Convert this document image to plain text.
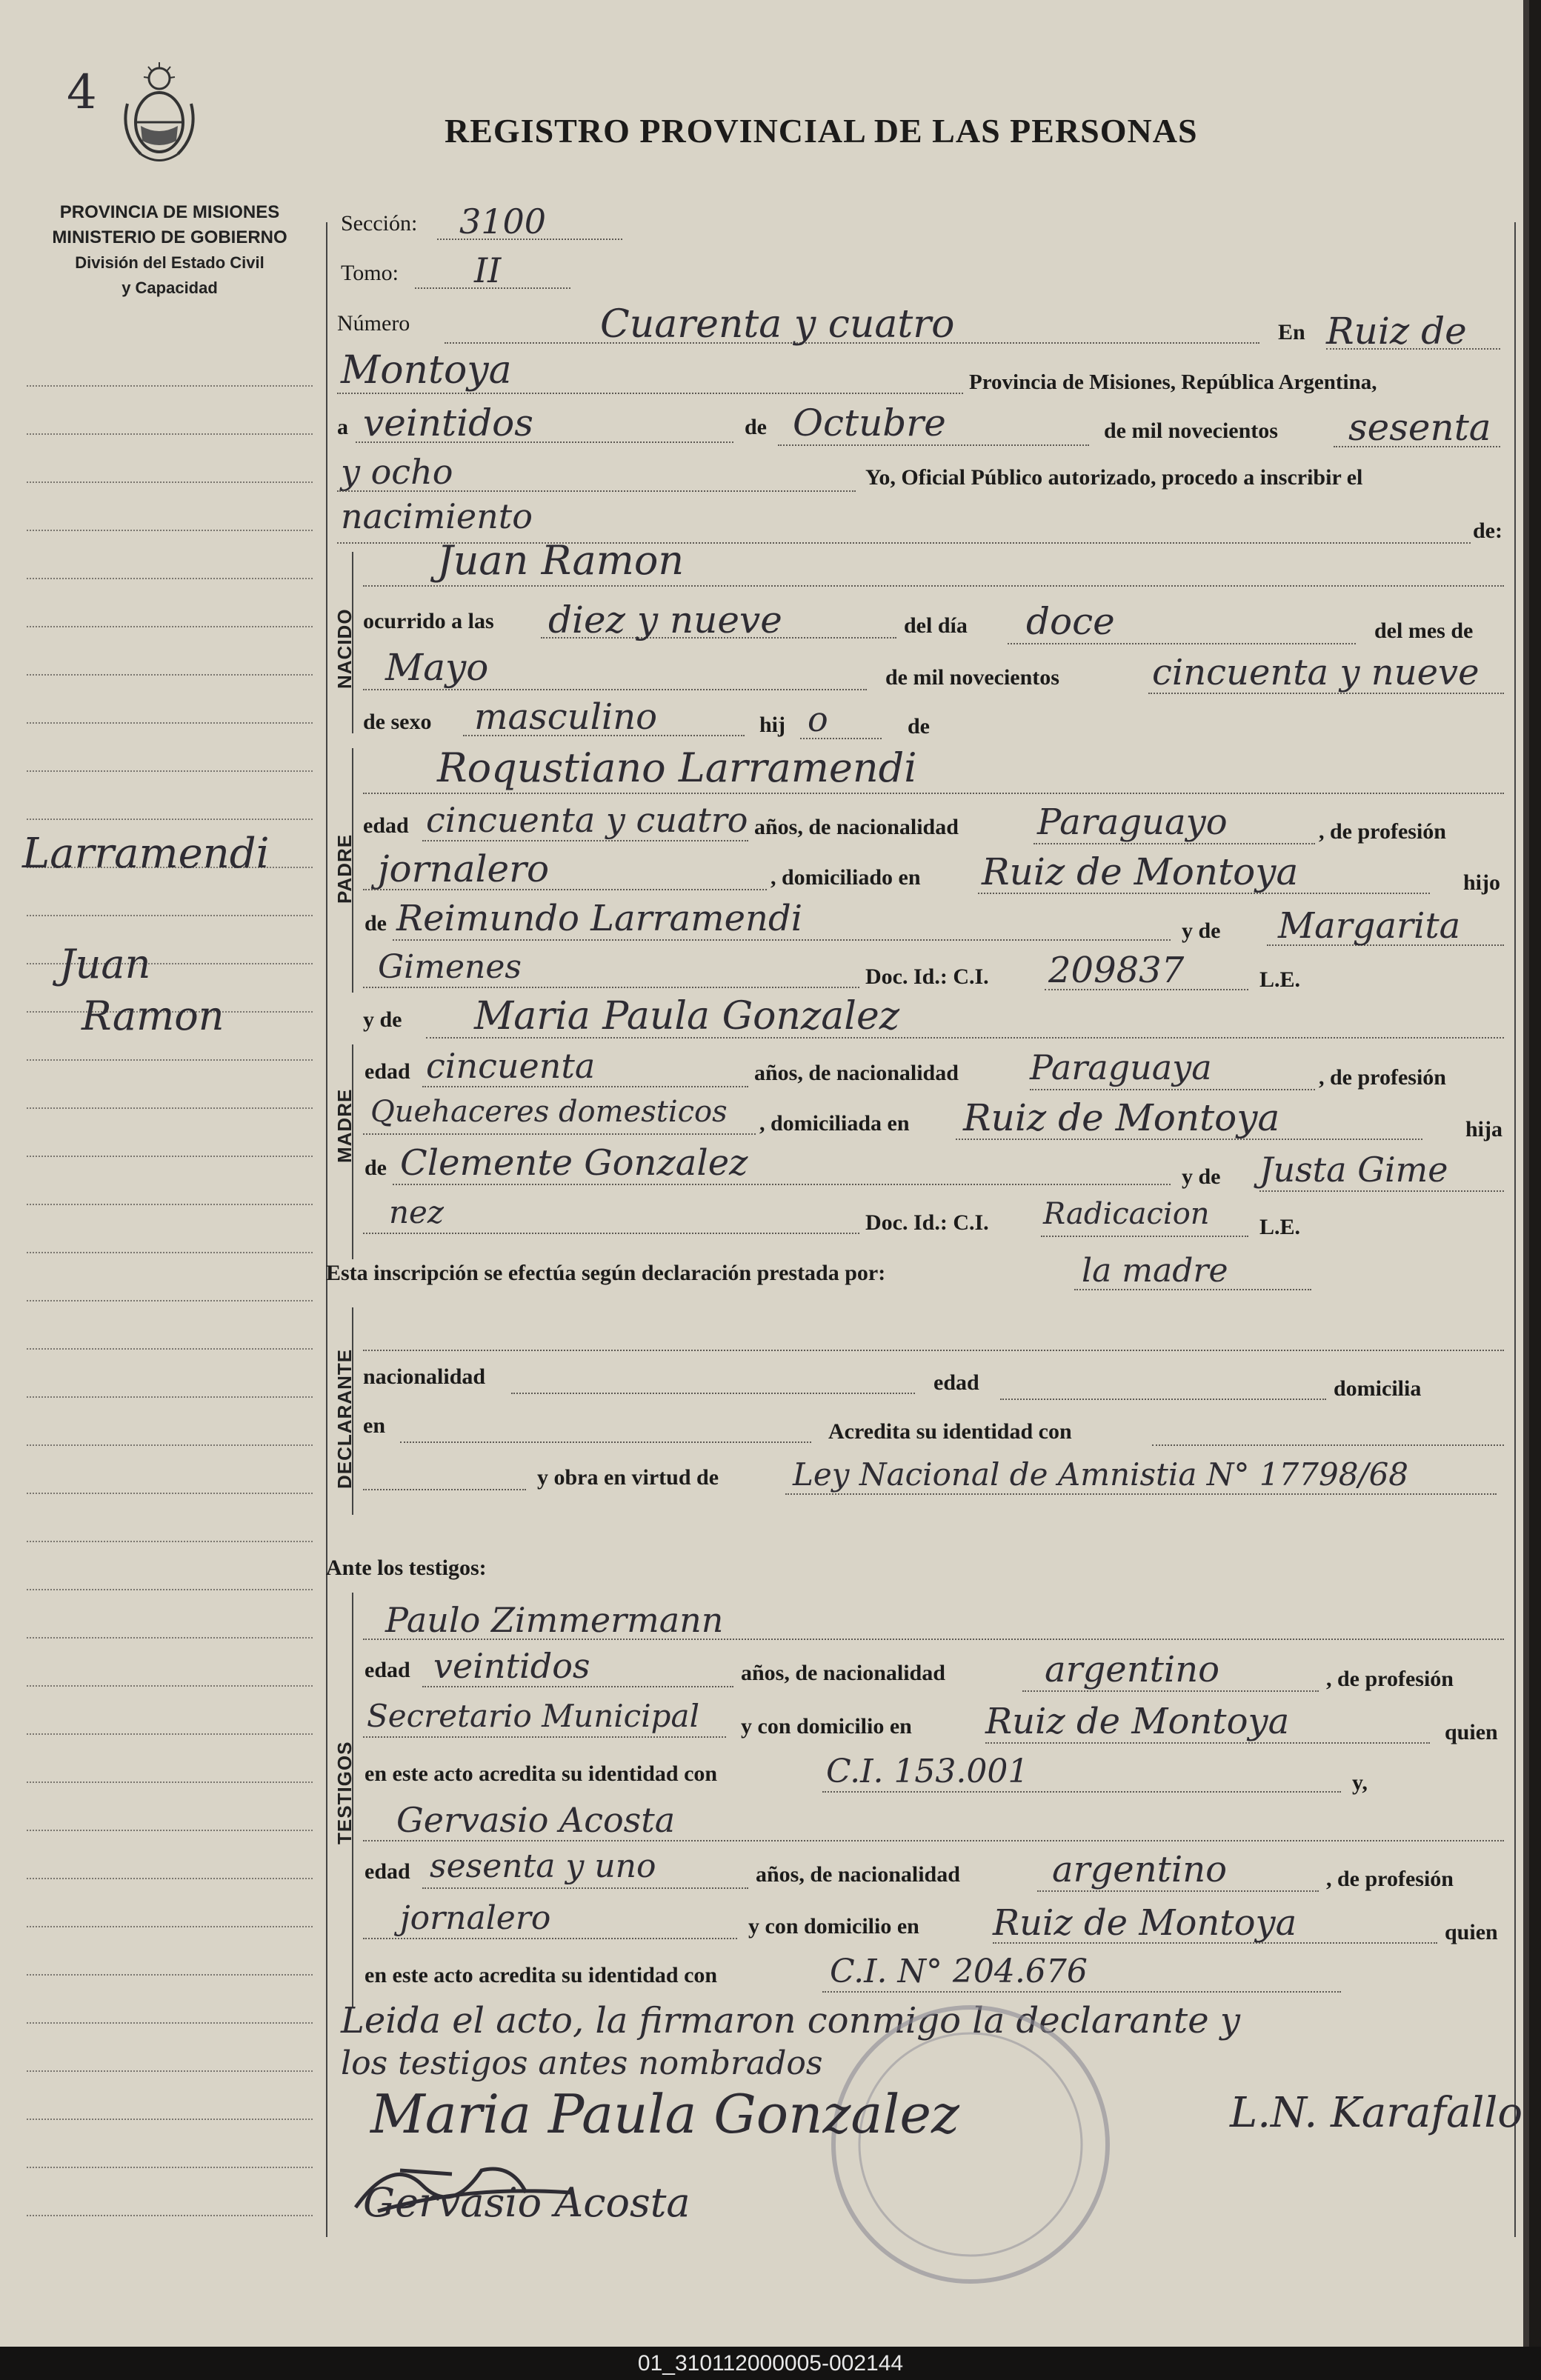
4
REGISTRO PROVINCIAL DE LAS PERSONAS
PROVINCIA DE MISIONES
MINISTERIO DE GOBIERNO
División del Estado Civil
y Capacidad
Larramendi
Juan
Ramon
Sección: 3100
Tomo: II
Número	Cuarenta y cuatro	En Ruiz de
Montoya	Provincia de Misiones, República Argentina,
a veintidos	de Octubre	de mil novecientos sesenta
y ocho	Yo, Oficial Público autorizado, procedo a inscribir el
nacimiento	de:
NACIDO
Juan Ramon
ocurrido a las diez y nueve	del día doce	del mes de
Mayo	de mil novecientos	cincuenta y nueve
de sexo masculino	hij o	de
PADRE
Roqustiano Larramendi
edad cincuenta y cuatro años, de nacionalidad Paraguayo	, de profesión
jornalero	, domiciliado en Ruiz de Montoya	hijo
de Reimundo Larramendi	y de Margarita
Gimenes	Doc. Id.: C.I. 209837	L.E.
y de Maria Paula Gonzalez
MADRE
edad cincuenta	años, de nacionalidad Paraguaya	, de profesión
Quehaceres domesticos , domiciliada en Ruiz de Montoya	hija
de Clemente Gonzalez	y de Justa Gime
nez	Doc. Id.: C.I. Radicacion L.E.
Esta inscripción se efectúa según declaración prestada por:	la madre
DECLARANTE nacionalidad	edad	domicilia
en	Acredita su identidad con
y obra en virtud de Ley Nacional de Amnistia N° 17798/68
Ante los testigos:
TESTIGOS
Paulo Zimmermann
edad veintidos	años, de nacionalidad	argentino	, de profesión
Secretario Municipal y con domicilio en Ruiz de Montoya	quien
en este acto acredita su identidad con	C.I. 153.001	y,
Gervasio Acosta
edad sesenta y uno	años, de nacionalidad	argentino	, de profesión
jornalero	y con domicilio en Ruiz de Montoya	quien
en este acto acredita su identidad con	C.I. N° 204.676
Leida el acto, la firmaron conmigo la declarante y
los testigos antes nombrados
Maria Paula Gonzalez	L.N. Karafallo
Gervasio Acosta
01_310112000005-002144
